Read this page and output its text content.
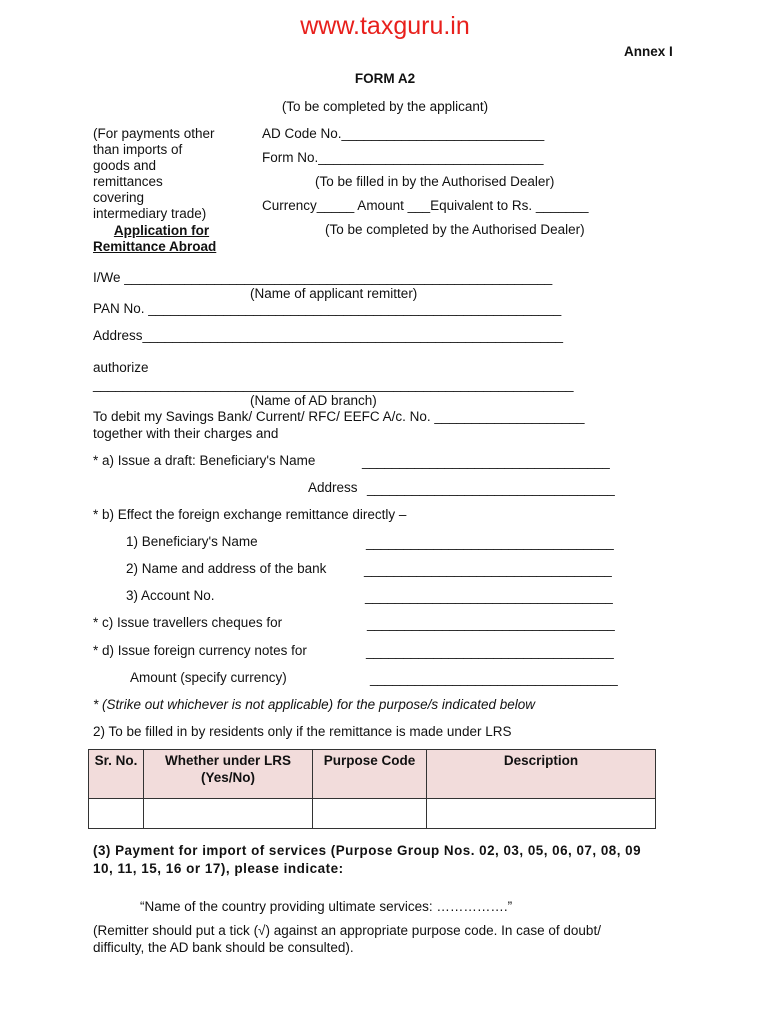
www.taxguru.in
Annex I
FORM A2
(To be completed by the applicant)
(For payments other
than imports of
goods and
remittances
covering
intermediary trade)
Application for
Remittance Abroad
AD Code No.___________________________
Form No.______________________________
(To be filled in by the Authorised Dealer)
Currency_____ Amount ___Equivalent to Rs. _______
(To be completed by the Authorised Dealer)
I/We _________________________________________________________
(Name of applicant remitter)
PAN No. _______________________________________________________
Address________________________________________________________
authorize
________________________________________________________________
(Name of AD branch)
To debit my Savings Bank/ Current/ RFC/ EEFC A/c. No. ____________________
together with their charges and
* a) Issue a draft: Beneficiary's Name	_________________________________
Address _________________________________
* b) Effect the foreign exchange remittance directly –
1) Beneficiary's Name	_________________________________
2) Name and address of the bank	_________________________________
3) Account No.	_________________________________
* c) Issue travellers cheques for	_________________________________
* d) Issue foreign currency notes for	_________________________________
Amount (specify currency)	_________________________________
* (Strike out whichever is not applicable) for the purpose/s indicated below
2) To be filled in by residents only if the remittance is made under LRS
Sr. No.	Whether under LRS (Yes/No)	Purpose Code	Description

(3) Payment for import of services (Purpose Group Nos. 02, 03, 05, 06, 07, 08, 09
10, 11, 15, 16 or 17), please indicate:
“Name of the country providing ultimate services: …………….”
(Remitter should put a tick (√) against an appropriate purpose code. In case of doubt/
difficulty, the AD bank should be consulted).
